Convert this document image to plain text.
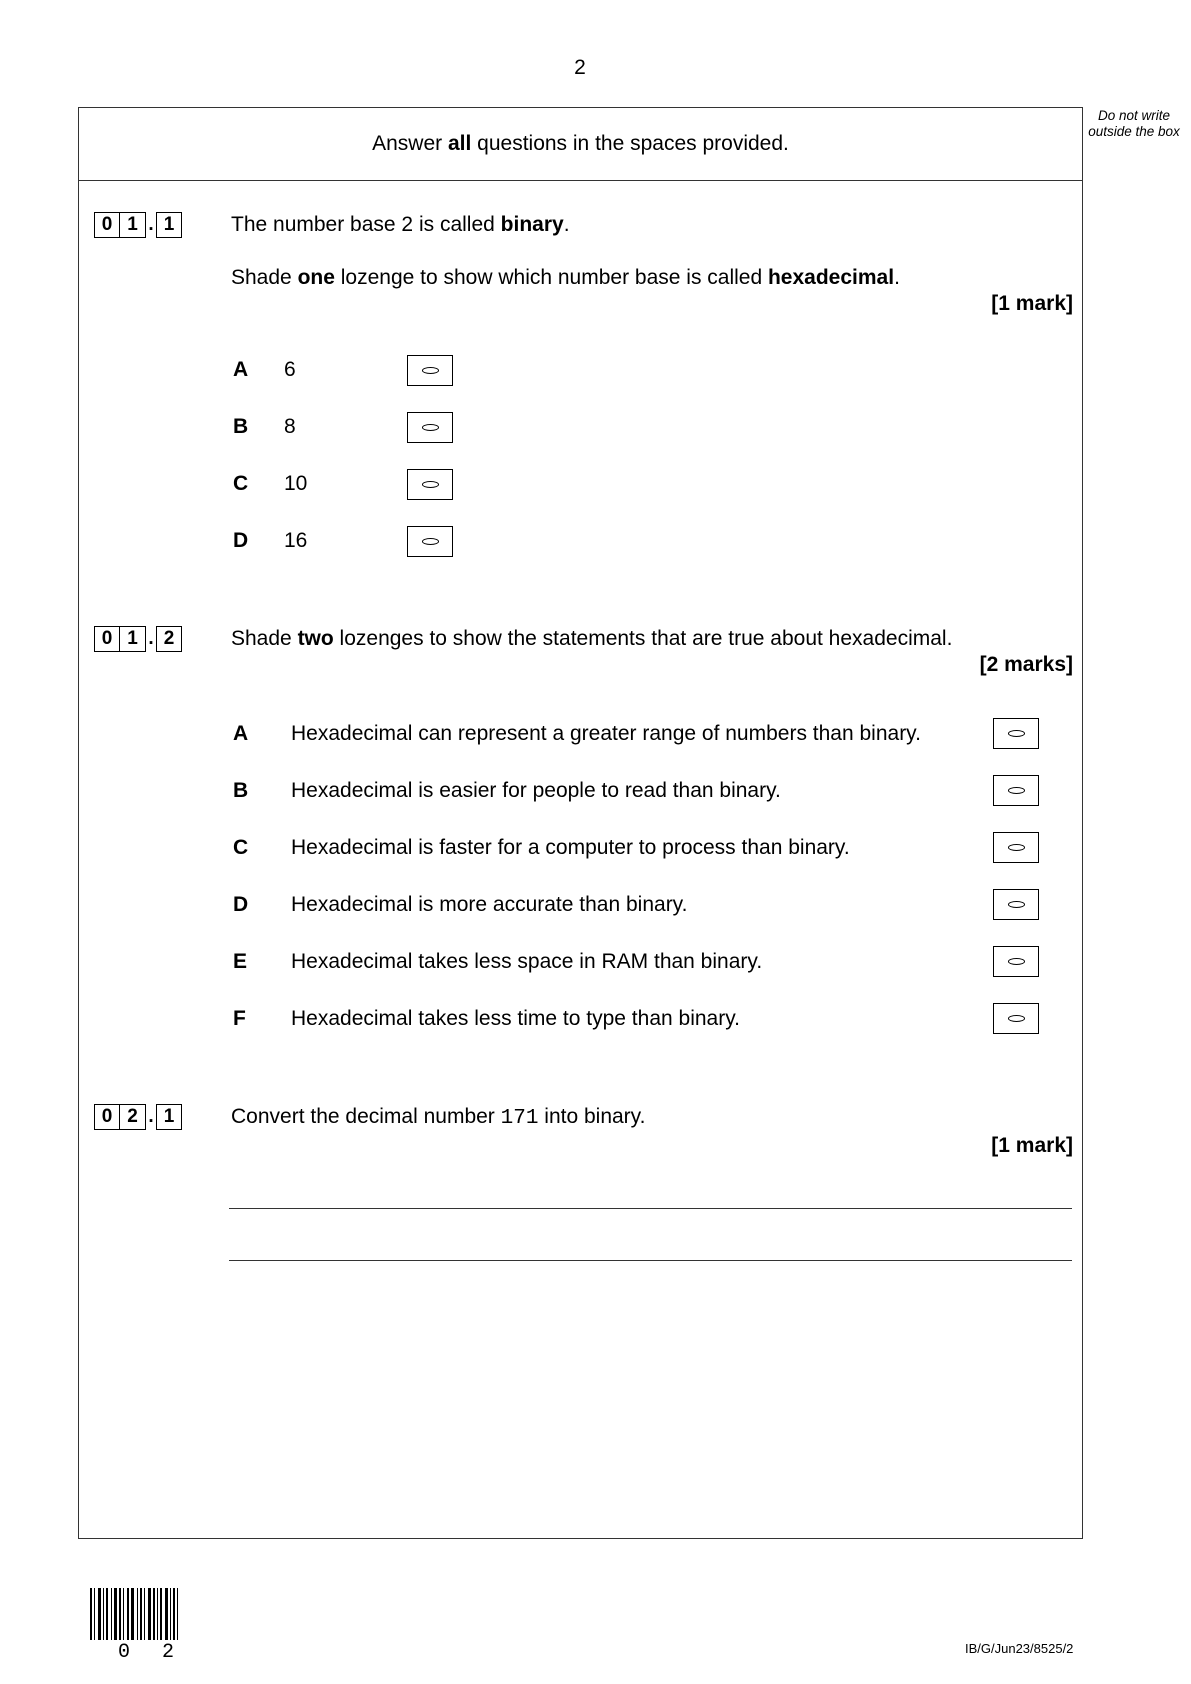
2
Do not write outside the box
Answer all questions in the spaces provided.
0 1 . 1	The number base 2 is called binary.
Shade one lozenge to show which number base is called hexadecimal.
[1 mark]
A	6
B	8
C	10
D	16
0 1 . 2	Shade two lozenges to show the statements that are true about hexadecimal.
[2 marks]
A	Hexadecimal can represent a greater range of numbers than binary.
B	Hexadecimal is easier for people to read than binary.
C	Hexadecimal is faster for a computer to process than binary.
D	Hexadecimal is more accurate than binary.
E	Hexadecimal takes less space in RAM than binary.
F	Hexadecimal takes less time to type than binary.
0 2 . 1	Convert the decimal number 171 into binary.
[1 mark]
0 2	IB/G/Jun23/8525/2
